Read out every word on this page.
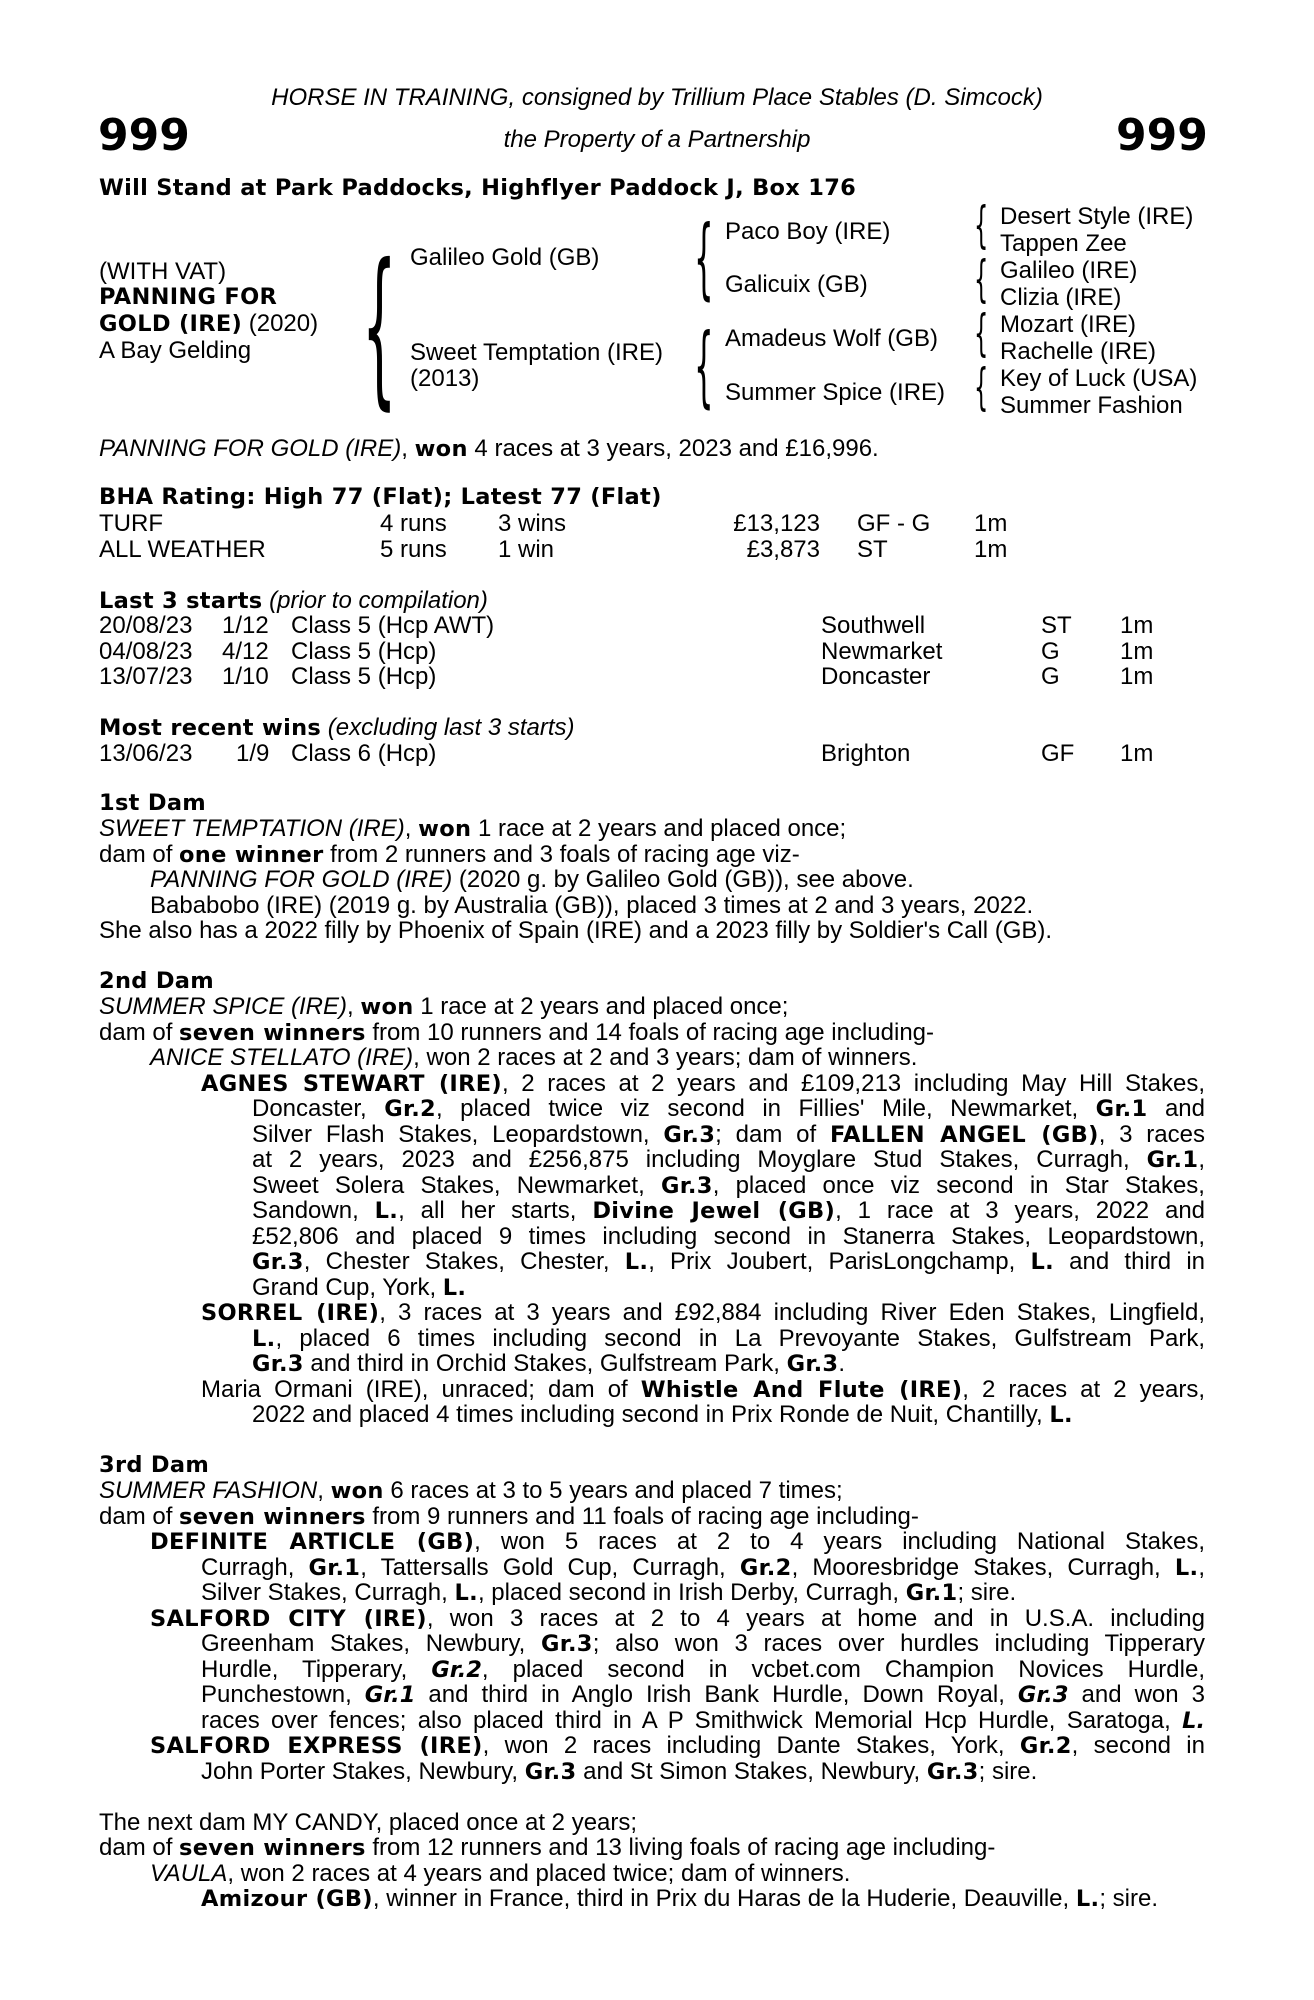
999	999
HORSE IN TRAINING, consigned by Trillium Place Stables (D. Simcock)
the Property of a Partnership
Will Stand at Park Paddocks, Highflyer Paddock J, Box 176
(WITH VAT)
PANNING FOR
GOLD (IRE) (2020)
A Bay Gelding { Galileo Gold (GB)
Sweet Temptation (IRE)
(2013)
{ Paco Boy (IRE)
Galicuix (GB)
{ Amadeus Wolf (GB)
Summer Spice (IRE)
{ Desert Style (IRE)
Tappen Zee
{ Galileo (IRE)
Clizia (IRE)
{ Mozart (IRE)
Rachelle (IRE)
{ Key of Luck (USA)
Summer Fashion
PANNING FOR GOLD (IRE), won 4 races at 3 years, 2023 and £16,996.
BHA Rating: High 77 (Flat); Latest 77 (Flat)
TURF	4 runs 3 wins	£13,123 GF - G 1m
ALL WEATHER	5 runs 1 win	£3,873 ST	1m
Last 3 starts (prior to compilation)
20/08/23 1/12 Class 5 (Hcp AWT)	Southwell	ST 1m
04/08/23 4/12 Class 5 (Hcp)	Newmarket	G	1m
13/07/23 1/10 Class 5 (Hcp)	Doncaster	G	1m
Most recent wins (excluding last 3 starts)
13/06/23 1/9 Class 6 (Hcp)	Brighton	GF 1m
1st Dam
SWEET TEMPTATION (IRE), won 1 race at 2 years and placed once;
dam of one winner from 2 runners and 3 foals of racing age viz-
PANNING FOR GOLD (IRE) (2020 g. by Galileo Gold (GB)), see above.
Bababobo (IRE) (2019 g. by Australia (GB)), placed 3 times at 2 and 3 years, 2022.
She also has a 2022 filly by Phoenix of Spain (IRE) and a 2023 filly by Soldier's Call (GB).
2nd Dam
SUMMER SPICE (IRE), won 1 race at 2 years and placed once;
dam of seven winners from 10 runners and 14 foals of racing age including-
ANICE STELLATO (IRE), won 2 races at 2 and 3 years; dam of winners.
AGNES STEWART (IRE), 2 races at 2 years and £109,213 including May Hill Stakes,
Doncaster, Gr.2, placed twice viz second in Fillies' Mile, Newmarket, Gr.1 and
Silver Flash Stakes, Leopardstown, Gr.3; dam of FALLEN ANGEL (GB), 3 races
at 2 years, 2023 and £256,875 including Moyglare Stud Stakes, Curragh, Gr.1,
Sweet Solera Stakes, Newmarket, Gr.3, placed once viz second in Star Stakes,
Sandown, L., all her starts, Divine Jewel (GB), 1 race at 3 years, 2022 and
£52,806 and placed 9 times including second in Stanerra Stakes, Leopardstown,
Gr.3, Chester Stakes, Chester, L., Prix Joubert, ParisLongchamp, L. and third in
Grand Cup, York, L.
SORREL (IRE), 3 races at 3 years and £92,884 including River Eden Stakes, Lingfield,
L., placed 6 times including second in La Prevoyante Stakes, Gulfstream Park,
Gr.3 and third in Orchid Stakes, Gulfstream Park, Gr.3.
Maria Ormani (IRE), unraced; dam of Whistle And Flute (IRE), 2 races at 2 years,
2022 and placed 4 times including second in Prix Ronde de Nuit, Chantilly, L.
3rd Dam
SUMMER FASHION, won 6 races at 3 to 5 years and placed 7 times;
dam of seven winners from 9 runners and 11 foals of racing age including-
DEFINITE ARTICLE (GB), won 5 races at 2 to 4 years including National Stakes,
Curragh, Gr.1, Tattersalls Gold Cup, Curragh, Gr.2, Mooresbridge Stakes, Curragh, L.,
Silver Stakes, Curragh, L., placed second in Irish Derby, Curragh, Gr.1; sire.
SALFORD CITY (IRE), won 3 races at 2 to 4 years at home and in U.S.A. including
Greenham Stakes, Newbury, Gr.3; also won 3 races over hurdles including Tipperary
Hurdle, Tipperary, Gr.2, placed second in vcbet.com Champion Novices Hurdle,
Punchestown, Gr.1 and third in Anglo Irish Bank Hurdle, Down Royal, Gr.3 and won 3
races over fences; also placed third in A P Smithwick Memorial Hcp Hurdle, Saratoga, L.
SALFORD EXPRESS (IRE), won 2 races including Dante Stakes, York, Gr.2, second in
John Porter Stakes, Newbury, Gr.3 and St Simon Stakes, Newbury, Gr.3; sire.
The next dam MY CANDY, placed once at 2 years;
dam of seven winners from 12 runners and 13 living foals of racing age including-
VAULA, won 2 races at 4 years and placed twice; dam of winners.
Amizour (GB), winner in France, third in Prix du Haras de la Huderie, Deauville, L.; sire.
